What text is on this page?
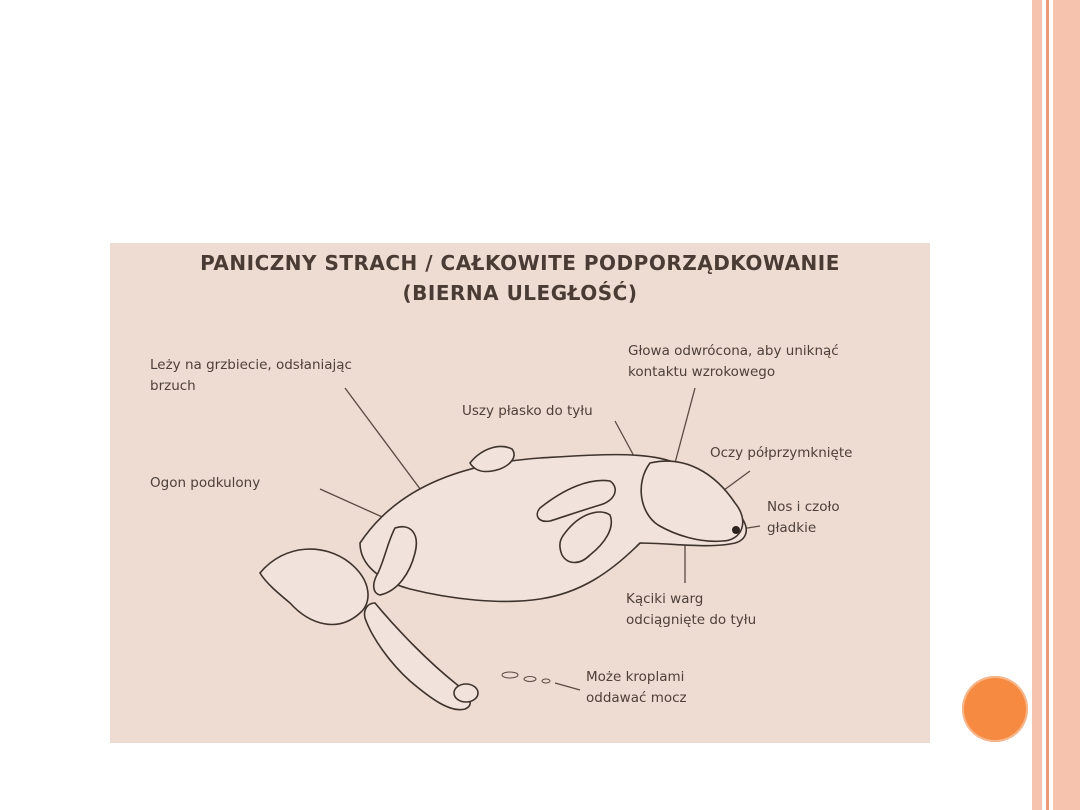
PANICZNY STRACH / CAŁKOWITE PODPORZĄDKOWANIE
(BIERNA ULEGŁOŚĆ)
Leży na grzbiecie, odsłaniając
brzuch
Głowa odwrócona, aby uniknąć
kontaktu wzrokowego
Uszy płasko do tyłu
Oczy półprzymknięte
Ogon podkulony
Nos i czoło
gładkie
Kąciki warg
odciągnięte do tyłu
Może kroplami
oddawać mocz
